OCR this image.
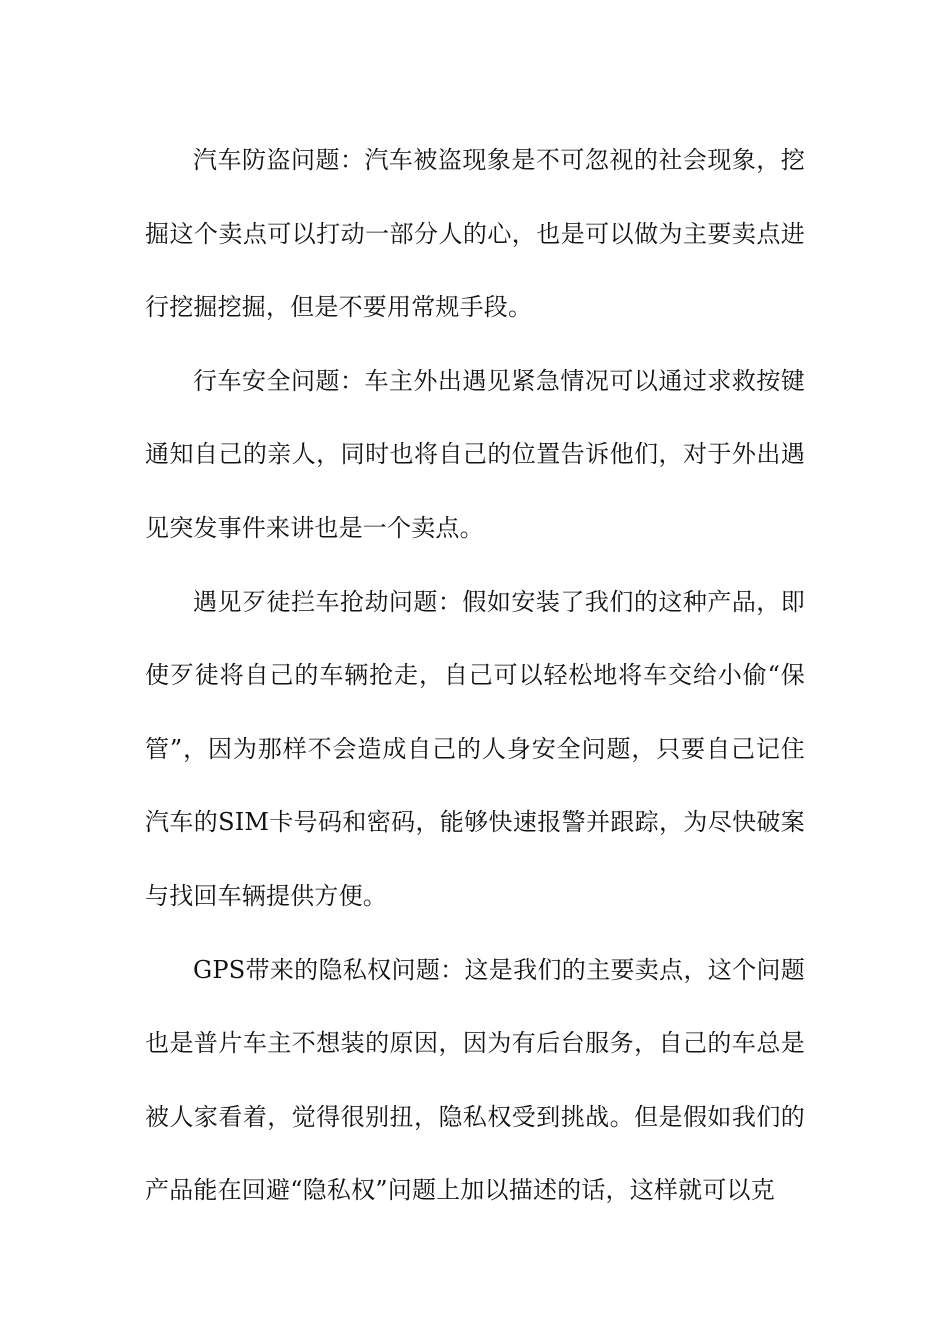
汽车防盗问题：汽车被盗现象是不可忽视的社会现象，挖掘这个卖点可以打动一部分人的心，也是可以做为主要卖点进行挖掘挖掘，但是不要用常规手段。

行车安全问题：车主外出遇见紧急情况可以通过求救按键通知自己的亲人，同时也将自己的位置告诉他们，对于外出遇见突发事件来讲也是一个卖点。

遇见歹徒拦车抢劫问题：假如安装了我们的这种产品，即使歹徒将自己的车辆抢走，自己可以轻松地将车交给小偷“保管”，因为那样不会造成自己的人身安全问题，只要自己记住汽车的SIM卡号码和密码，能够快速报警并跟踪，为尽快破案与找回车辆提供方便。

GPS带来的隐私权问题：这是我们的主要卖点，这个问题也是普片车主不想装的原因，因为有后台服务，自己的车总是被人家看着，觉得很别扭，隐私权受到挑战。但是假如我们的产品能在回避“隐私权”问题上加以描述的话，这样就可以克
